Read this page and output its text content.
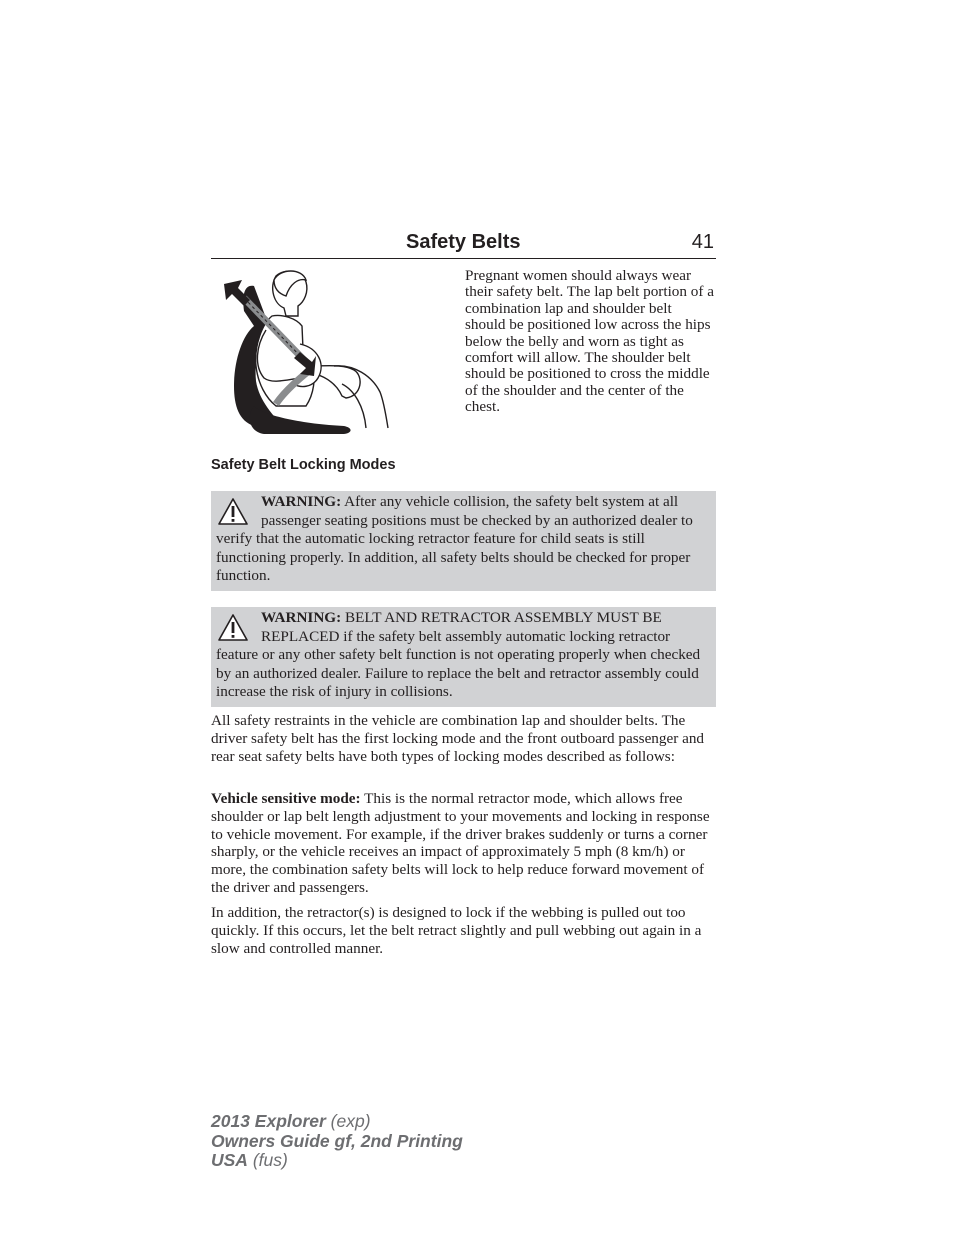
Safety Belts	41
Pregnant women should always wear their safety belt. The lap belt portion of a combination lap and shoulder belt should be positioned low across the hips below the belly and worn as tight as comfort will allow. The shoulder belt should be positioned to cross the middle of the shoulder and the center of the chest.
Safety Belt Locking Modes
WARNING: After any vehicle collision, the safety belt system at all passenger seating positions must be checked by an authorized dealer to verify that the automatic locking retractor feature for child seats is still functioning properly. In addition, all safety belts should be checked for proper function.
WARNING: BELT AND RETRACTOR ASSEMBLY MUST BE REPLACED if the safety belt assembly automatic locking retractor feature or any other safety belt function is not operating properly when checked by an authorized dealer. Failure to replace the belt and retractor assembly could increase the risk of injury in collisions.

All safety restraints in the vehicle are combination lap and shoulder belts. The driver safety belt has the first locking mode and the front outboard passenger and rear seat safety belts have both types of locking modes described as follows:

Vehicle sensitive mode: This is the normal retractor mode, which allows free shoulder or lap belt length adjustment to your movements and locking in response to vehicle movement. For example, if the driver brakes suddenly or turns a corner sharply, or the vehicle receives an impact of approximately 5 mph (8 km/h) or more, the combination safety belts will lock to help reduce forward movement of the driver and passengers.

In addition, the retractor(s) is designed to lock if the webbing is pulled out too quickly. If this occurs, let the belt retract slightly and pull webbing out again in a slow and controlled manner.

2013 Explorer (exp)
Owners Guide gf, 2nd Printing
USA (fus)
